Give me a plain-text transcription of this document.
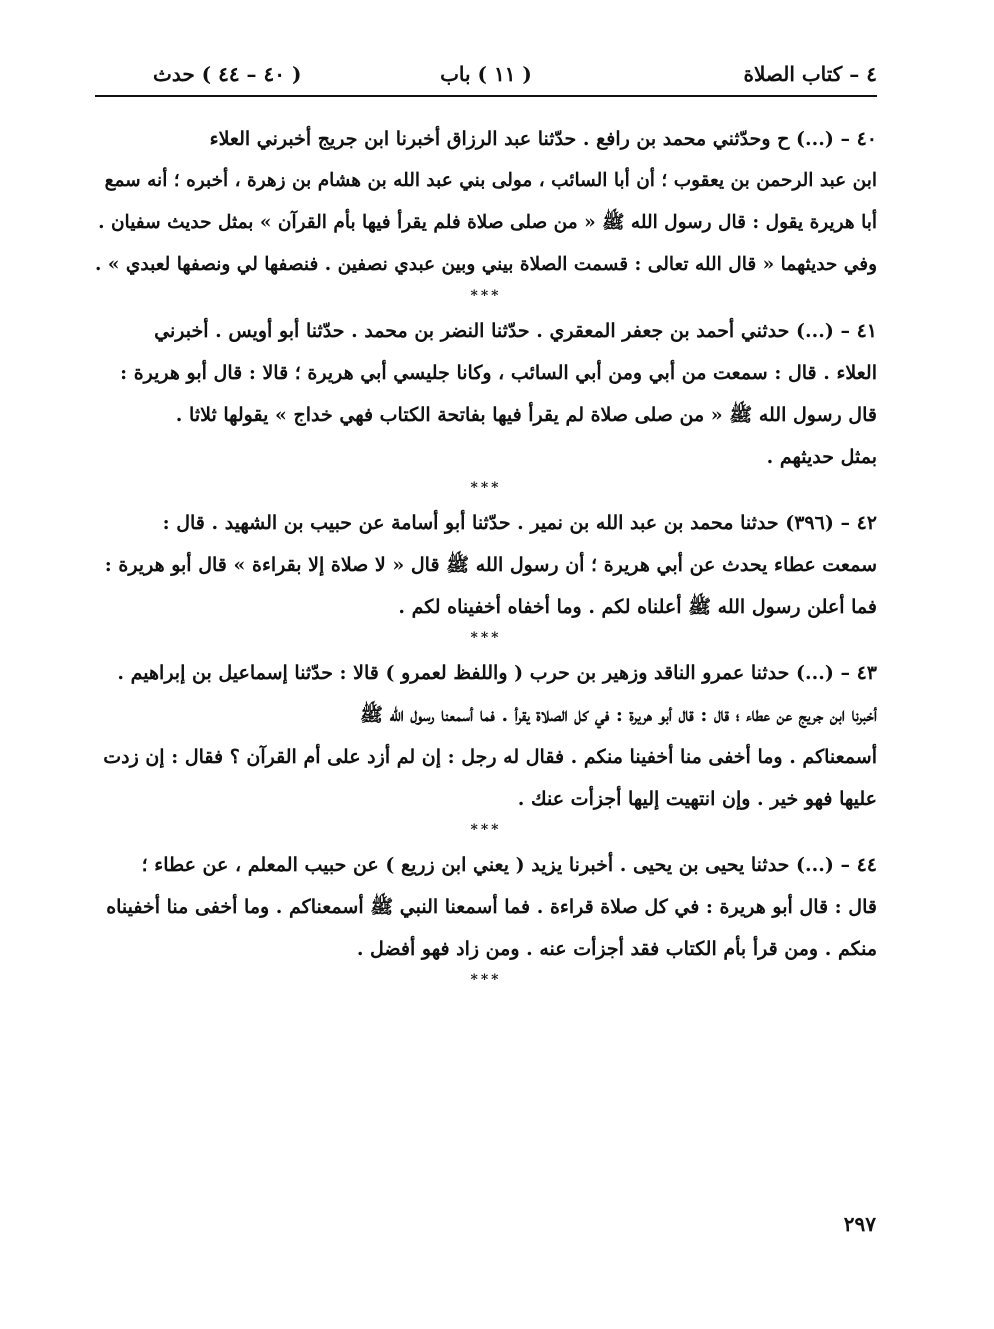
٤ – كتاب الصلاة
( ١١ ) باب
( ٤٠ – ٤٤ ) حدث
٤٠ – (...) ح وحدّثني محمد بن رافع . حدّثنا عبد الرزاق أخبرنا ابن جريج أخبرني العلاء
ابن عبد الرحمن بن يعقوب ؛ أن أبا السائب ، مولى بني عبد الله بن هشام بن زهرة ، أخبره ؛ أنه سمع
أبا هريرة يقول : قال رسول الله ﷺ « من صلى صلاة فلم يقرأ فيها بأم القرآن » بمثل حديث سفيان .
وفي حديثهما « قال الله تعالى : قسمت الصلاة بيني وبين عبدي نصفين . فنصفها لي ونصفها لعبدي » .
***
٤١ – (...) حدثني أحمد بن جعفر المعقري . حدّثنا النضر بن محمد . حدّثنا أبو أويس . أخبرني
العلاء . قال : سمعت من أبي ومن أبي السائب ، وكانا جليسي أبي هريرة ؛ قالا : قال أبو هريرة :
قال رسول الله ﷺ « من صلى صلاة لم يقرأ فيها بفاتحة الكتاب فهي خداج » يقولها ثلاثا .
بمثل حديثهم .
***
٤٢ – (٣٩٦) حدثنا محمد بن عبد الله بن نمير . حدّثنا أبو أسامة عن حبيب بن الشهيد . قال :
سمعت عطاء يحدث عن أبي هريرة ؛ أن رسول الله ﷺ قال « لا صلاة إلا بقراءة » قال أبو هريرة :
فما أعلن رسول الله ﷺ أعلناه لكم . وما أخفاه أخفيناه لكم .
***
٤٣ – (...) حدثنا عمرو الناقد وزهير بن حرب ( واللفظ لعمرو ) قالا : حدّثنا إسماعيل بن إبراهيم .
أخبرنا ابن جريج عن عطاء ؛ قال : قال أبو هريرة : في كل الصلاة يقرأ . فما أسمعنا رسول الله ﷺ
أسمعناكم . وما أخفى منا أخفينا منكم . فقال له رجل : إن لم أزد على أم القرآن ؟ فقال : إن زدت
عليها فهو خير . وإن انتهيت إليها أجزأت عنك .
***
٤٤ – (...) حدثنا يحيى بن يحيى . أخبرنا يزيد ( يعني ابن زريع ) عن حبيب المعلم ، عن عطاء ؛
قال : قال أبو هريرة : في كل صلاة قراءة . فما أسمعنا النبي ﷺ أسمعناكم . وما أخفى منا أخفيناه
منكم . ومن قرأ بأم الكتاب فقد أجزأت عنه . ومن زاد فهو أفضل .
***
٢٩٧
